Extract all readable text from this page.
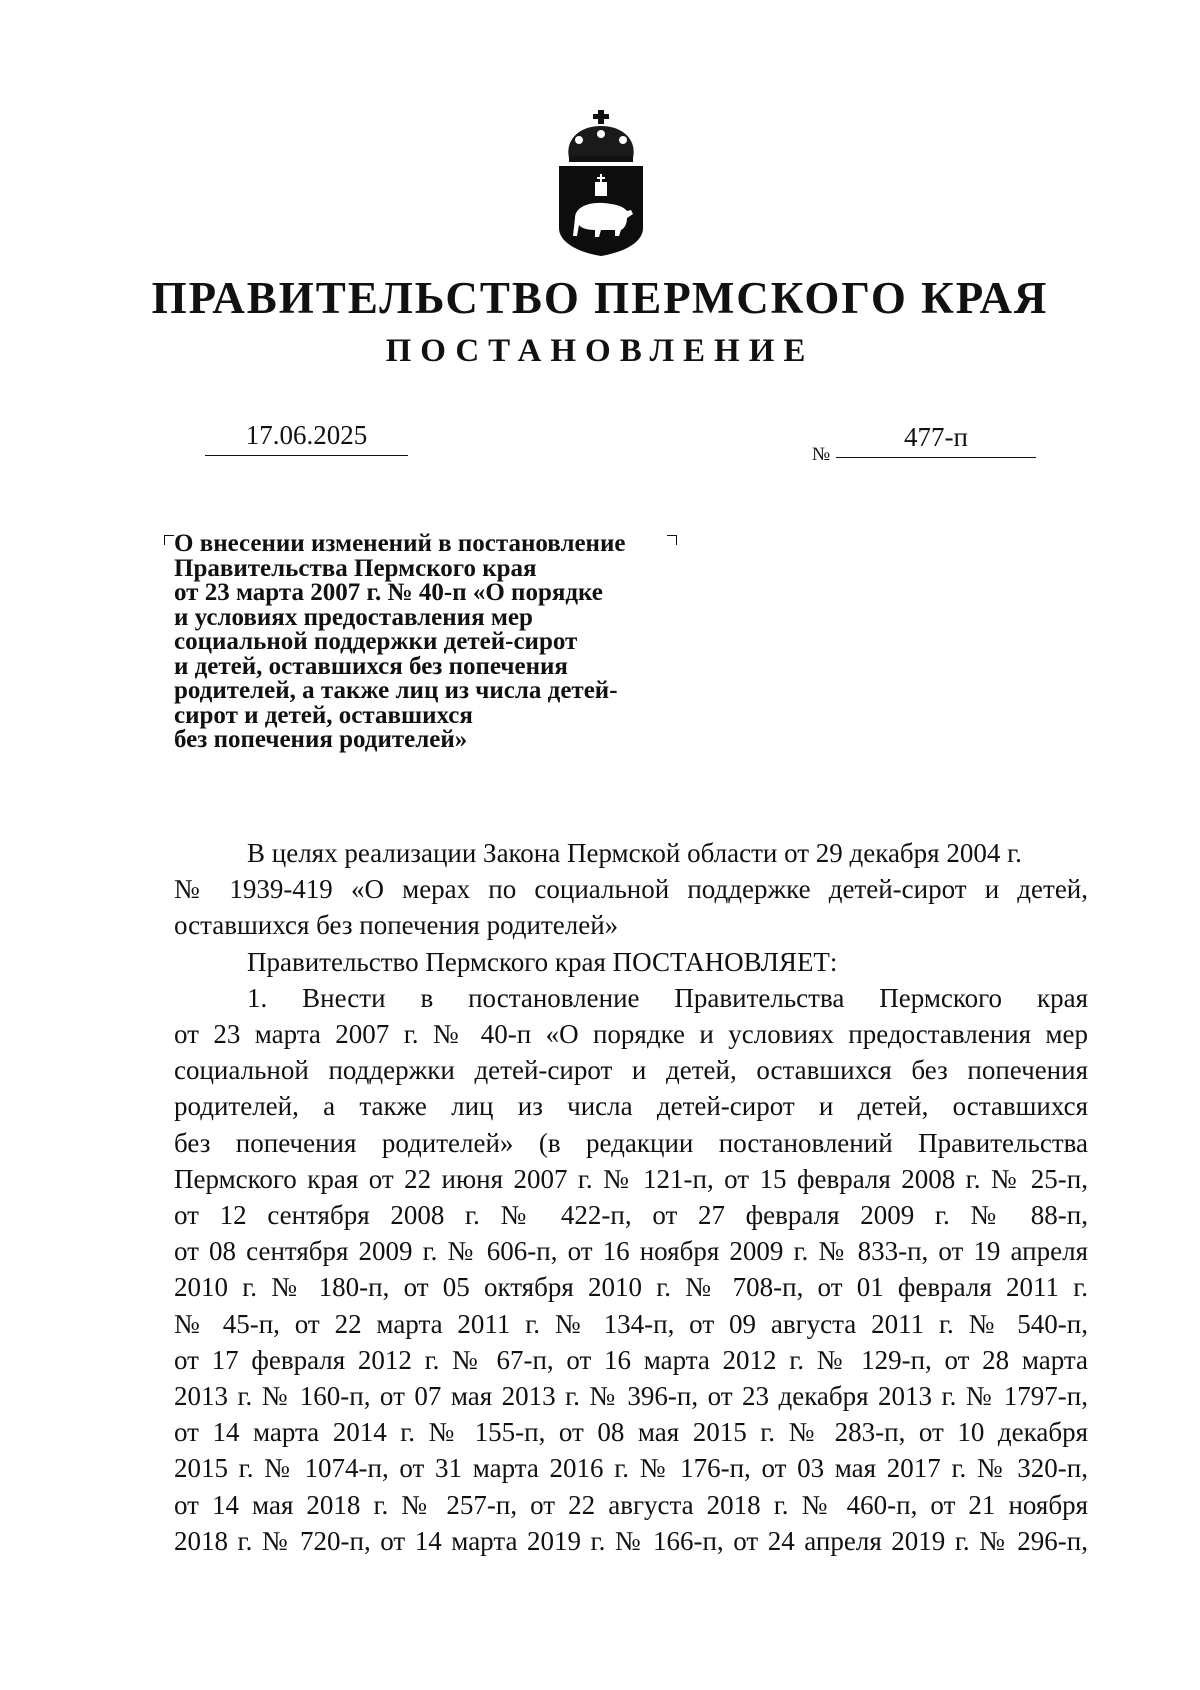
ПРАВИТЕЛЬСТВО ПЕРМСКОГО КРАЯ
ПОСТАНОВЛЕНИЕ
17.06.2025
№
477-п
О внесении изменений в постановление
Правительства Пермского края
от 23 марта 2007 г. № 40-п «О порядке
и условиях предоставления мер
социальной поддержки детей-сирот
и детей, оставшихся без попечения
родителей, а также лиц из числа детей-
сирот и детей, оставшихся
без попечения родителей»
В целях реализации Закона Пермской области от 29 декабря 2004 г.
№ 1939-419 «О мерах по социальной поддержке детей-сирот и детей,
оставшихся без попечения родителей»
Правительство Пермского края ПОСТАНОВЛЯЕТ:
1. Внести в постановление Правительства Пермского края
от 23 марта 2007 г. № 40-п «О порядке и условиях предоставления мер
социальной поддержки детей-сирот и детей, оставшихся без попечения
родителей, а также лиц из числа детей-сирот и детей, оставшихся
без попечения родителей» (в редакции постановлений Правительства
Пермского края от 22 июня 2007 г. № 121-п, от 15 февраля 2008 г. № 25-п,
от 12 сентября 2008 г. № 422-п, от 27 февраля 2009 г. № 88-п,
от 08 сентября 2009 г. № 606-п, от 16 ноября 2009 г. № 833-п, от 19 апреля
2010 г. № 180-п, от 05 октября 2010 г. № 708-п, от 01 февраля 2011 г.
№ 45-п, от 22 марта 2011 г. № 134-п, от 09 августа 2011 г. № 540-п,
от 17 февраля 2012 г. № 67-п, от 16 марта 2012 г. № 129-п, от 28 марта
2013 г. № 160-п, от 07 мая 2013 г. № 396-п, от 23 декабря 2013 г. № 1797-п,
от 14 марта 2014 г. № 155-п, от 08 мая 2015 г. № 283-п, от 10 декабря
2015 г. № 1074-п, от 31 марта 2016 г. № 176-п, от 03 мая 2017 г. № 320-п,
от 14 мая 2018 г. № 257-п, от 22 августа 2018 г. № 460-п, от 21 ноября
2018 г. № 720-п, от 14 марта 2019 г. № 166-п, от 24 апреля 2019 г. № 296-п,
